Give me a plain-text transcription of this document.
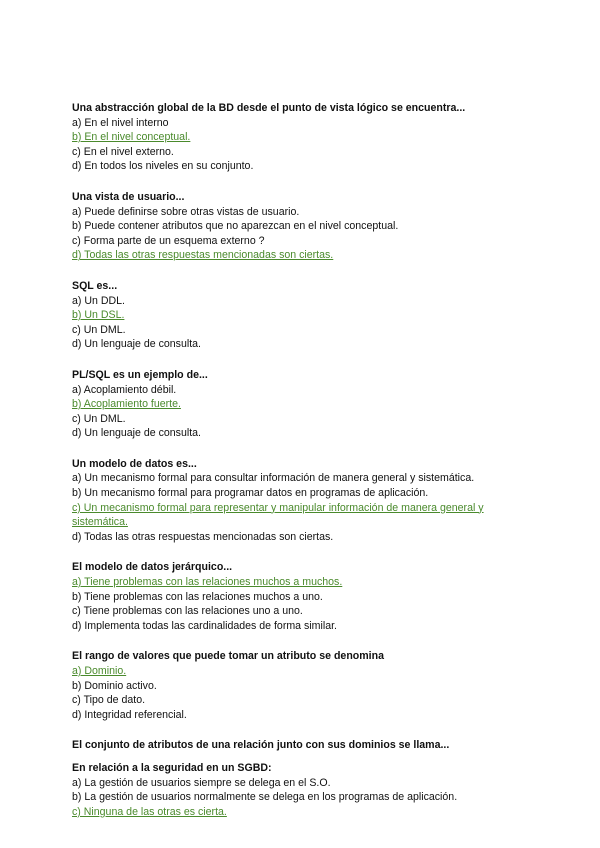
Una abstracción global de la BD desde el punto de vista lógico se encuentra...

a) En el nivel interno

b) En el nivel conceptual.

c) En el nivel externo.

d) En todos los niveles en su conjunto.

Una vista de usuario...

a) Puede definirse sobre otras vistas de usuario.

b) Puede contener atributos que no aparezcan en el nivel conceptual.

c) Forma parte de un esquema externo ?

d) Todas las otras respuestas mencionadas son ciertas.

SQL es...

a) Un DDL.

b) Un DSL.

c) Un DML.

d) Un lenguaje de consulta.

PL/SQL es un ejemplo de...

a) Acoplamiento débil.

b) Acoplamiento fuerte.

c) Un DML.

d) Un lenguaje de consulta.

Un modelo de datos es...

a) Un mecanismo formal para consultar información de manera general y sistemática.

b) Un mecanismo formal para programar datos en programas de aplicación.

c) Un mecanismo formal para representar y manipular información de manera general y sistemática.

d) Todas las otras respuestas mencionadas son ciertas.

El modelo de datos jerárquico...

a) Tiene problemas con las relaciones muchos a muchos.

b) Tiene problemas con las relaciones muchos a uno.

c) Tiene problemas con las relaciones uno a uno.

d) Implementa todas las cardinalidades de forma similar.

El rango de valores que puede tomar un atributo se denomina

a) Dominio.

b) Dominio activo.

c) Tipo de dato.

d) Integridad referencial.

El conjunto de atributos de una relación junto con sus dominios se llama...

En relación a la seguridad en un SGBD:

a) La gestión de usuarios siempre se delega en el S.O.

b) La gestión de usuarios normalmente se delega en los programas de aplicación.

c) Ninguna de las otras es cierta.
